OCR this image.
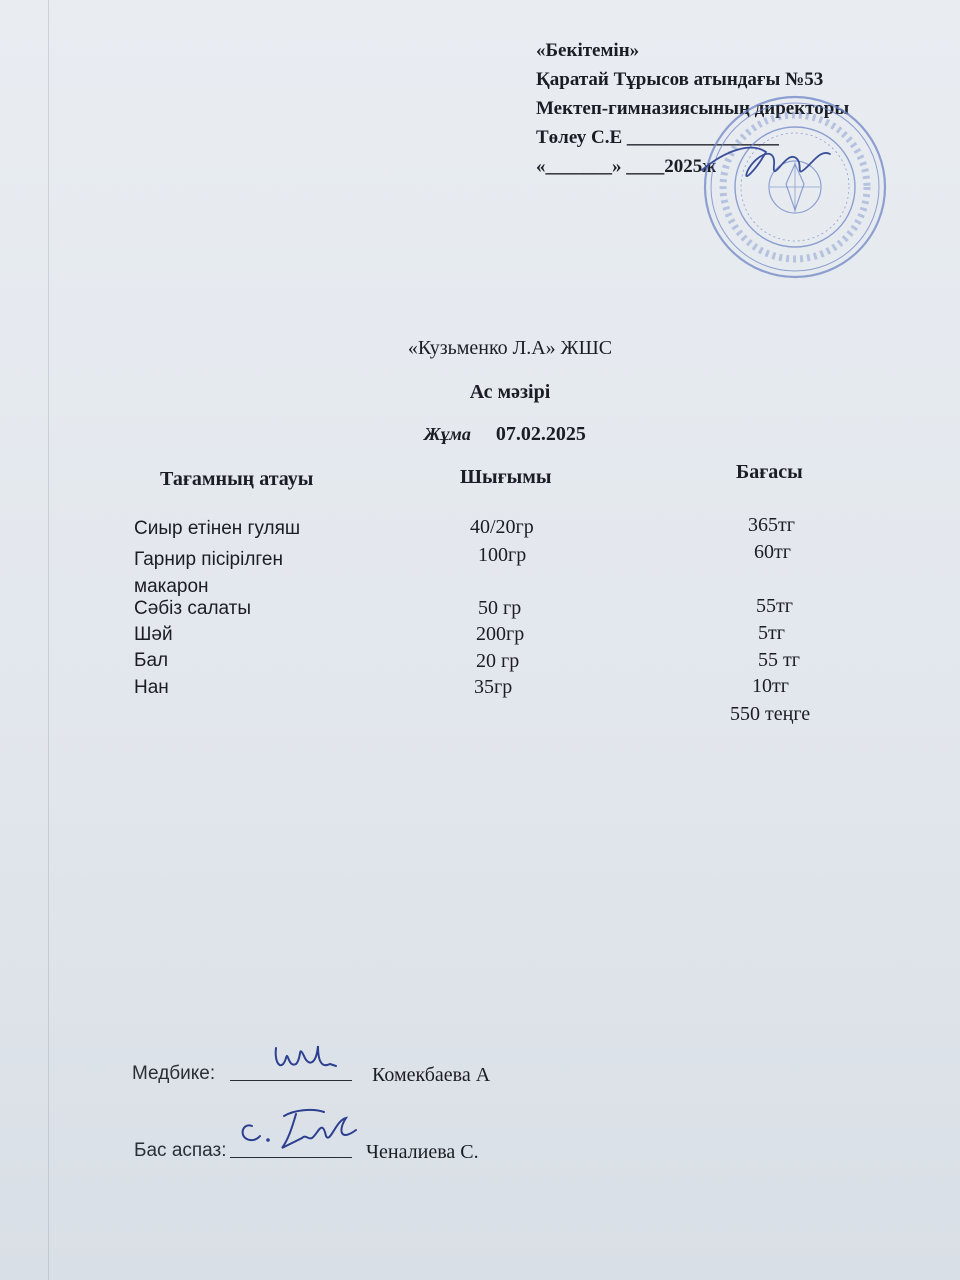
«Бекітемін»
Қаратай Тұрысов атындағы №53
Мектеп-гимназиясының директоры
Төлеу С.Е ________________
«_______» ____2025ж
«Кузьменко Л.А» ЖШС
Ас мәзірі
Жұма 07.02.2025
Тағамның атауы	Шығымы	Бағасы
Сиыр етінен гуляш	40/20гр	365тг
Гарнир пісірілген
макарон
100гр	60тг
Сәбіз салаты	50 гр	55тг
Шәй	200гр	5тг
Бал	20 гр	55 тг
Нан	35гр	10тг
550 теңге
Медбике:	Комекбаева А
Бас аспаз:	Ченалиева С.
